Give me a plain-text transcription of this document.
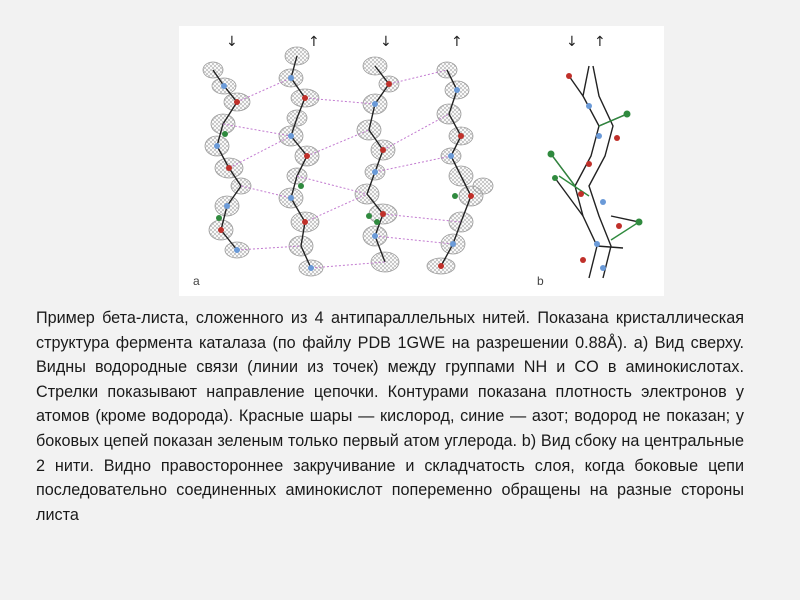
↓	↑	↓	↑	↓ ↑
a	b
Пример бета-листа, сложенного из 4 антипараллельных нитей. Показана кристаллическая структура фермента каталаза (по файлу PDB 1GWE на разрешении 0.88Å). a) Вид сверху. Видны водородные связи (линии из точек) между группами NH и CO в аминокислотах. Стрелки показывают направление цепочки. Контурами показана плотность электронов у атомов (кроме водорода). Красные шары — кислород, синие — азот; водород не показан; у боковых цепей показан зеленым только первый атом углерода. b) Вид сбоку на центральные 2 нити. Видно правостороннее закручивание и складчатость слоя, когда боковые цепи последовательно соединенных аминокислот попеременно обращены на разные стороны листа
